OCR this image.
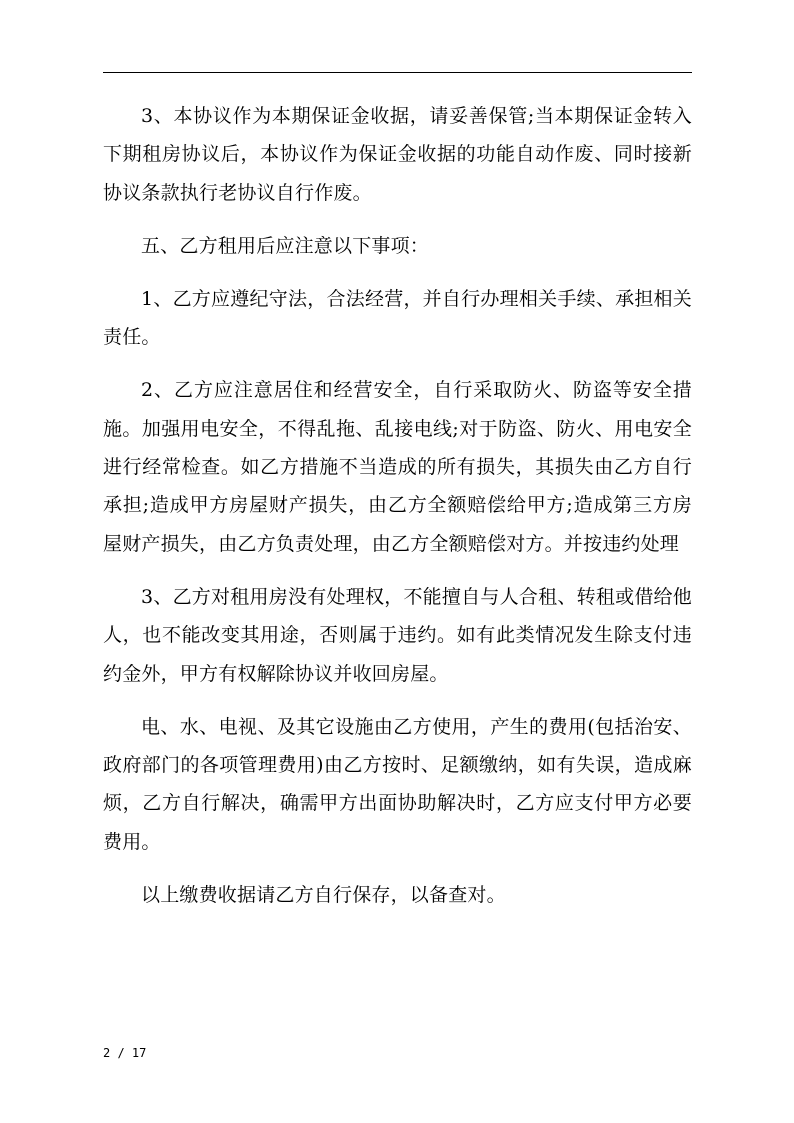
3、本协议作为本期保证金收据，请妥善保管;当本期保证金转入下期租房协议后，本协议作为保证金收据的功能自动作废、同时接新协议条款执行老协议自行作废。

五、乙方租用后应注意以下事项：

1、乙方应遵纪守法，合法经营，并自行办理相关手续、承担相关责任。

2、乙方应注意居住和经营安全，自行采取防火、防盗等安全措施。加强用电安全，不得乱拖、乱接电线;对于防盗、防火、用电安全进行经常检查。如乙方措施不当造成的所有损失，其损失由乙方自行承担;造成甲方房屋财产损失，由乙方全额赔偿给甲方;造成第三方房屋财产损失，由乙方负责处理，由乙方全额赔偿对方。并按违约处理

3、乙方对租用房没有处理权，不能擅自与人合租、转租或借给他人，也不能改变其用途，否则属于违约。如有此类情况发生除支付违约金外，甲方有权解除协议并收回房屋。

电、水、电视、及其它设施由乙方使用，产生的费用(包括治安、政府部门的各项管理费用)由乙方按时、足额缴纳，如有失误，造成麻烦，乙方自行解决，确需甲方出面协助解决时，乙方应支付甲方必要费用。

以上缴费收据请乙方自行保存，以备查对。

2 / 17
